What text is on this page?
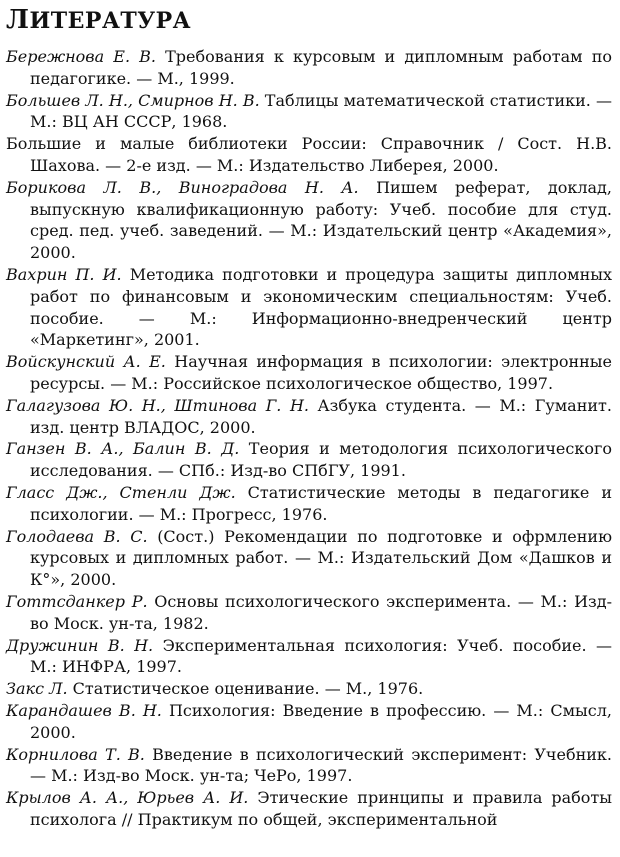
ЛИТЕРАТУРА
Бережнова Е. В. Требования к курсовым и дипломным работам по педагогике. — М., 1999.
Большев Л. Н., Смирнов Н. В. Таблицы математической статистики. — М.: ВЦ АН СССР, 1968.
Большие и малые библиотеки России: Справочник / Сост. Н.В. Шахова. — 2-е изд. — М.: Издательство Либерея, 2000.
Борикова Л. В., Виноградова Н. А. Пишем реферат, доклад, выпускную квалификационную работу: Учеб. пособие для студ. сред. пед. учеб. заведений. — М.: Издательский центр «Академия», 2000.
Вахрин П. И. Методика подготовки и процедура защиты дипломных работ по финансовым и экономическим специальностям: Учеб. пособие. — М.: Информационно-внедренческий центр «Маркетинг», 2001.
Войскунский А. Е. Научная информация в психологии: электронные ресурсы. — М.: Российское психологическое общество, 1997.
Галагузова Ю. Н., Штинова Г. Н. Азбука студента. — М.: Гуманит. изд. центр ВЛАДОС, 2000.
Ганзен В. А., Балин В. Д. Теория и методология психологического исследования. — СПб.: Изд-во СПбГУ, 1991.
Гласс Дж., Стенли Дж. Статистические методы в педагогике и психологии. — М.: Прогресс, 1976.
Голодаева В. С. (Сост.) Рекомендации по подготовке и офрмлению курсовых и дипломных работ. — М.: Издательский Дом «Дашков и К°», 2000.
Готтсданкер Р. Основы психологического эксперимента. — М.: Изд-во Моск. ун-та, 1982.
Дружинин В. Н. Экспериментальная психология: Учеб. пособие. — М.: ИНФРА, 1997.
Закс Л. Статистическое оценивание. — М., 1976.
Карандашев В. Н. Психология: Введение в профессию. — М.: Смысл, 2000.
Корнилова Т. В. Введение в психологический эксперимент: Учебник. — М.: Изд-во Моск. ун-та; ЧеРо, 1997.
Крылов А. А., Юрьев А. И. Этические принципы и правила работы психолога // Практикум по общей, экспериментальной
